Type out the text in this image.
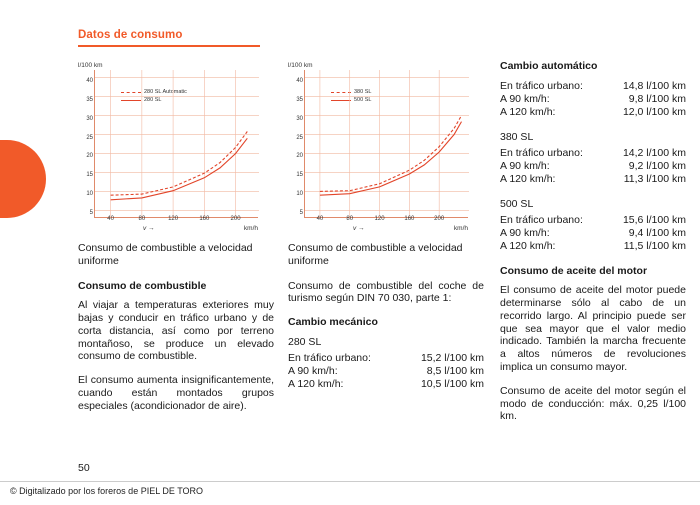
Datos de consumo
l/100 km
280 SL Automatic
280 SL
v →	km/h
5
10
15
20
25
30
35
40
40	80	120	160	200

Consumo de combustible a velocidad uniforme

Consumo de combustible

Al viajar a temperaturas exteriores muy bajas y conducir en tráfico urbano y de corta distancia, así como por terreno montañoso, se produce un elevado consumo de combustible.

El consumo aumenta insignificantemente, cuando están montados grupos especiales (acondicionador de aire).

l/100 km
380 SL
500 SL
v →	km/h
5
10
15
20
25
30
35
40
40	80	120	160	200

Consumo de combustible a velocidad uniforme

Consumo de combustible del coche de turismo según DIN 70 030, parte 1:

Cambio mecánico

280 SL

En tráfico urbano:	15,2 l/100 km
A 90 km/h:	8,5 l/100 km
A 120 km/h:	10,5 l/100 km
Cambio automático
En tráfico urbano:	14,8 l/100 km
A 90 km/h:	9,8 l/100 km
A 120 km/h:	12,0 l/100 km

380 SL

En tráfico urbano:	14,2 l/100 km
A 90 km/h:	9,2 l/100 km
A 120 km/h:	11,3 l/100 km

500 SL

En tráfico urbano:	15,6 l/100 km
A 90 km/h:	9,4 l/100 km
A 120 km/h:	11,5 l/100 km
Consumo de aceite del motor

El consumo de aceite del motor puede determinarse sólo al cabo de un recorrido largo. Al principio puede ser que sea mayor que el valor medio indicado. También la marcha frecuente a altos números de revoluciones implica un consumo mayor.

Consumo de aceite del motor según el modo de conducción: máx. 0,25 l/100 km.

50
© Digitalizado por los foreros de PIEL DE TORO
